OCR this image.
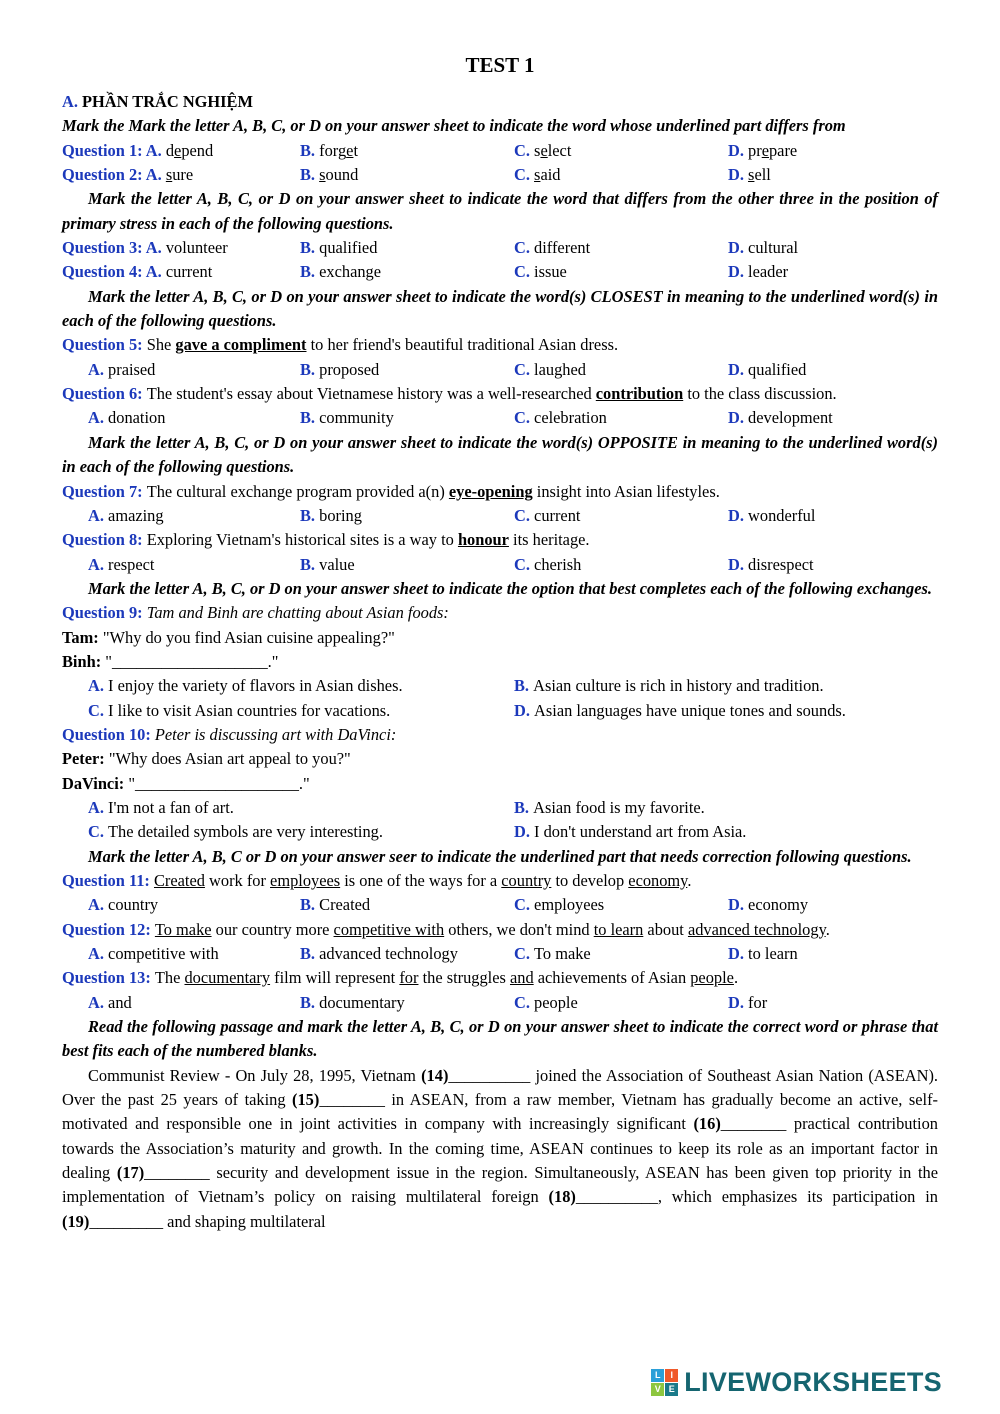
TEST 1

A. PHẦN TRẮC NGHIỆM

Mark the Mark the letter A, B, C, or D on your answer sheet to indicate the word whose underlined part differs from

Question 1: A. depend	B. forget	C. select	D. prepare
Question 2: A. sure	B. sound	C. said	D. sell

Mark the letter A, B, C, or D on your answer sheet to indicate the word that differs from the other three in the position of primary stress in each of the following questions.

Question 3: A. volunteer	B. qualified	C. different	D. cultural
Question 4: A. current	B. exchange	C. issue	D. leader

Mark the letter A, B, C, or D on your answer sheet to indicate the word(s) CLOSEST in meaning to the underlined word(s) in each of the following questions.

Question 5: She gave a compliment to her friend's beautiful traditional Asian dress.

A. praised	B. proposed	C. laughed	D. qualified

Question 6: The student's essay about Vietnamese history was a well-researched contribution to the class discussion.

A. donation	B. community	C. celebration	D. development

Mark the letter A, B, C, or D on your answer sheet to indicate the word(s) OPPOSITE in meaning to the underlined word(s) in each of the following questions.

Question 7: The cultural exchange program provided a(n) eye-opening insight into Asian lifestyles.

A. amazing	B. boring	C. current	D. wonderful

Question 8: Exploring Vietnam's historical sites is a way to honour its heritage.

A. respect	B. value	C. cherish	D. disrespect

Mark the letter A, B, C, or D on your answer sheet to indicate the option that best completes each of the following exchanges.

Question 9: Tam and Binh are chatting about Asian foods:

Tam: "Why do you find Asian cuisine appealing?"

Binh: "___________________."

A. I enjoy the variety of flavors in Asian dishes.	B. Asian culture is rich in history and tradition.
C. I like to visit Asian countries for vacations.	D. Asian languages have unique tones and sounds.

Question 10: Peter is discussing art with DaVinci:

Peter: "Why does Asian art appeal to you?"

DaVinci: "____________________."

A. I'm not a fan of art.	B. Asian food is my favorite.
C. The detailed symbols are very interesting.	D. I don't understand art from Asia.

Mark the letter A, B, C or D on your answer seer to indicate the underlined part that needs correction following questions.

Question 11: Created work for employees is one of the ways for a country to develop economy.

A. country	B. Created	C. employees	D. economy

Question 12: To make our country more competitive with others, we don't mind to learn about advanced technology.

A. competitive with	B. advanced technology	C. To make	D. to learn

Question 13: The documentary film will represent for the struggles and achievements of Asian people.

A. and	B. documentary	C. people	D. for

Read the following passage and mark the letter A, B, C, or D on your answer sheet to indicate the correct word or phrase that best fits each of the numbered blanks.

Communist Review - On July 28, 1995, Vietnam (14)__________ joined the Association of Southeast Asian Nation (ASEAN). Over the past 25 years of taking (15)________ in ASEAN, from a raw member, Vietnam has gradually become an active, self-motivated and responsible one in joint activities in company with increasingly significant (16)________ practical contribution towards the Association’s maturity and growth. In the coming time, ASEAN continues to keep its role as an important factor in dealing (17)________ security and development issue in the region. Simultaneously, ASEAN has been given top priority in the implementation of Vietnam’s policy on raising multilateral foreign (18)__________, which emphasizes its participation in (19)_________ and shaping multilateral

L	I
V E LIVEWORKSHEETS
